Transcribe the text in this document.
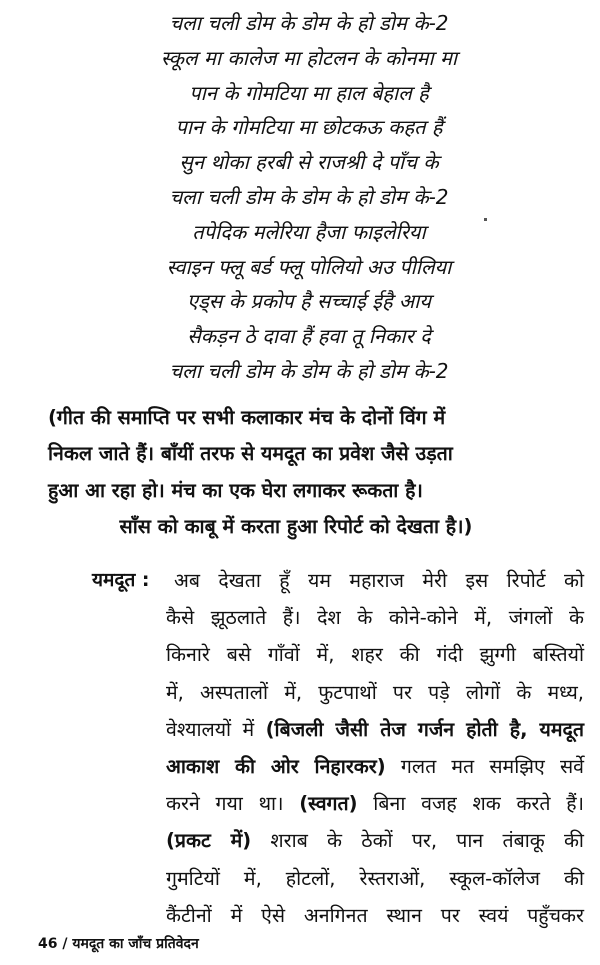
चला चली डोम के डोम के हो डोम के-2
स्कूल मा कालेज मा होटलन के कोनमा मा
पान के गोमटिया मा हाल बेहाल है
पान के गोमटिया मा छोटकऊ कहत हैं
सुन थोका हरबी से राजश्री दे पाँच के
चला चली डोम के डोम के हो डोम के-2
तपेदिक मलेरिया हैजा फाइलेरिया
स्वाइन फ्लू बर्ड फ्लू पोलियो अउ पीलिया
एड्स के प्रकोप है सच्चाई ईहै आय
सैकड़न ठे दावा हैं हवा तू निकार दे
चला चली डोम के डोम के हो डोम के-2

(गीत की समाप्ति पर सभी कलाकार मंच के दोनों विंग में
निकल जाते हैं। बाँयीं तरफ से यमदूत का प्रवेश जैसे उड़ता
हुआ आ रहा हो। मंच का एक घेरा लगाकर रूकता है।
साँस को काबू में करता हुआ रिपोर्ट को देखता है।)

यमदूत : अब देखता हूँ यम महाराज मेरी इस रिपोर्ट को
कैसे झूठलाते हैं। देश के कोने-कोने में, जंगलों के
किनारे बसे गाँवों में, शहर की गंदी झुग्गी बस्तियों
में, अस्पतालों में, फुटपाथों पर पड़े लोगों के मध्य,
वेश्यालयों में (बिजली जैसी तेज गर्जन होती है, यमदूत
आकाश की ओर निहारकर) गलत मत समझिए सर्वे
करने गया था। (स्वगत) बिना वजह शक करते हैं।
(प्रकट में) शराब के ठेकों पर, पान तंबाकू की
गुमटियों में, होटलों, रेस्तराओं, स्कूल-कॉलेज की
कैंटीनों में ऐसे अनगिनत स्थान पर स्वयं पहुँचकर
46 / यमदूत का जाँच प्रतिवेदन
